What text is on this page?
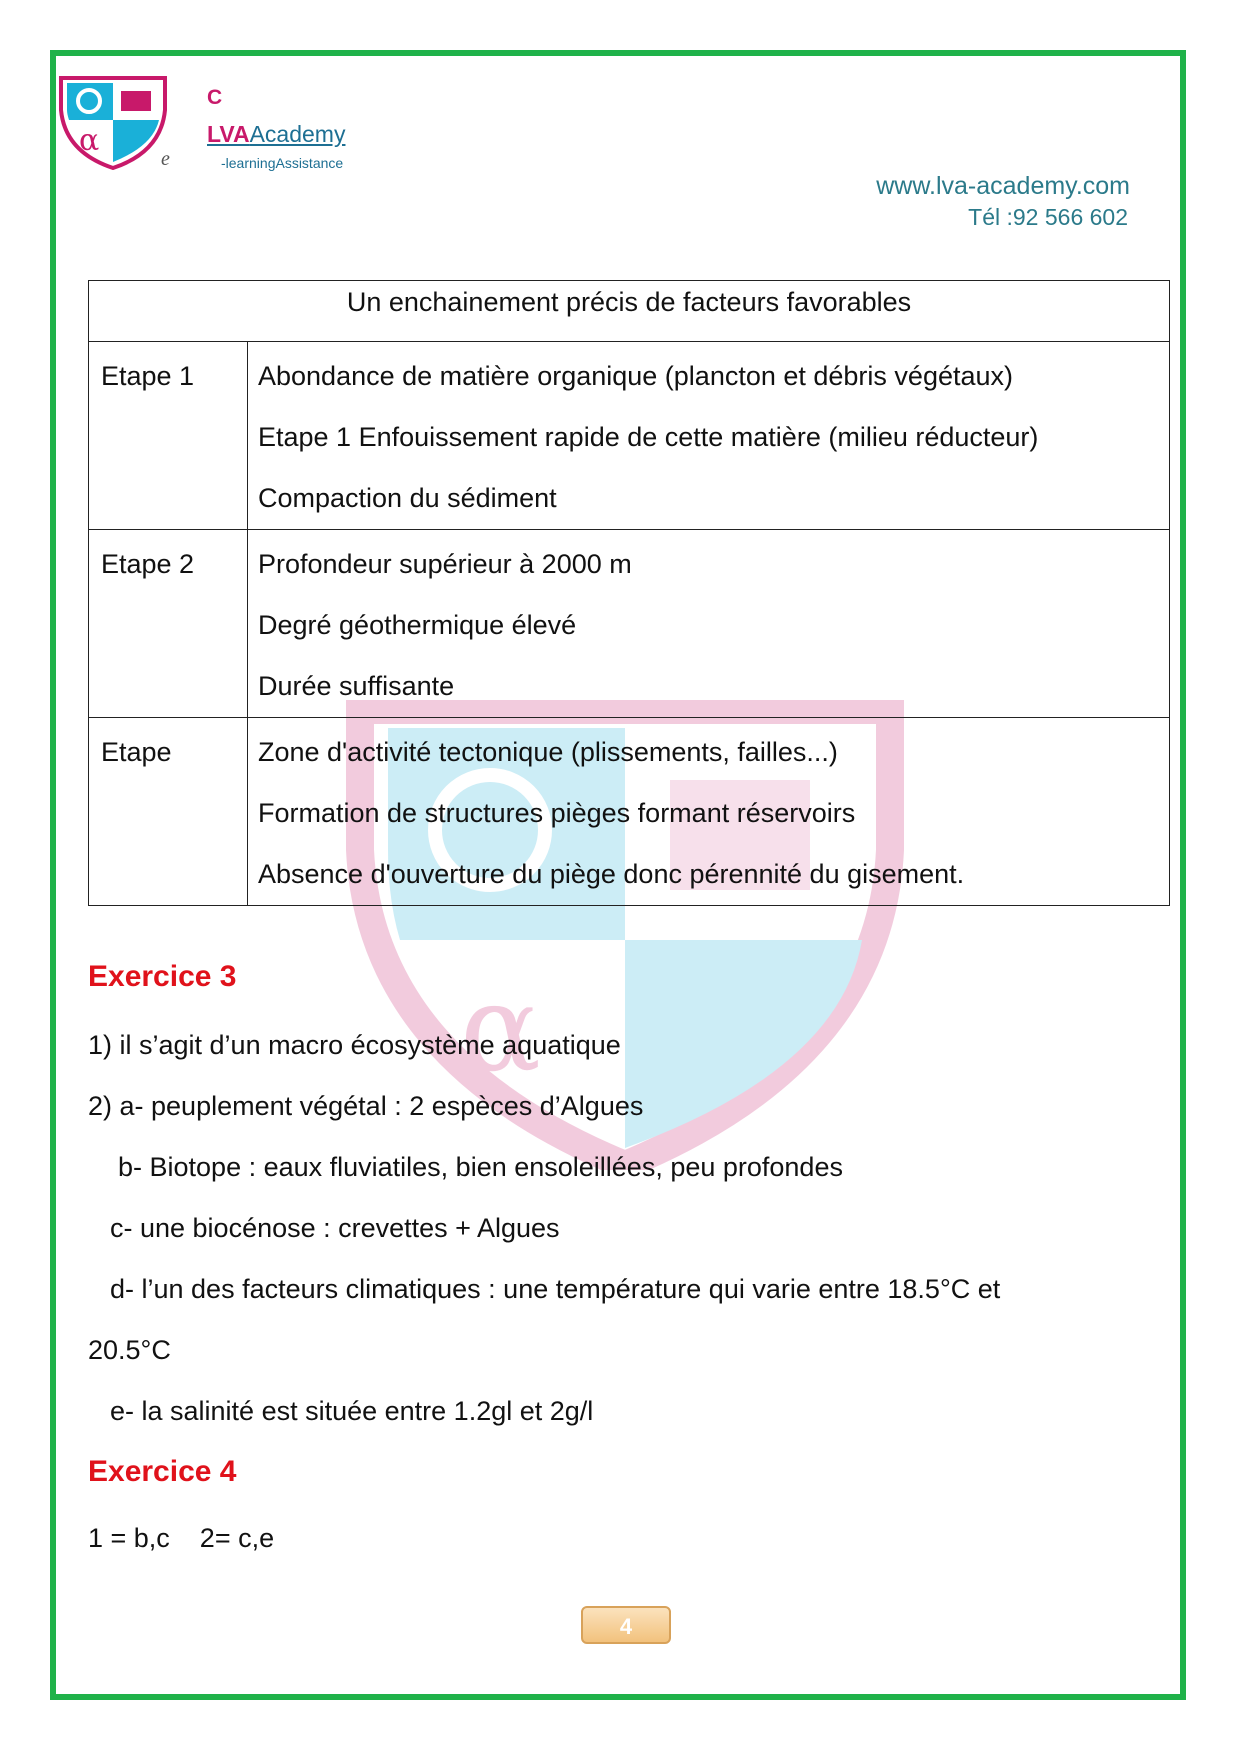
α
α
C
LVAAcademy
e	-learningAssistance
www.lva-academy.com
Tél :92 566 602
Un enchainement précis de facteurs favorables	

Etape 1	Abondance de matière organique (plancton et débris végétaux)
Etape 1 Enfouissement rapide de cette matière (milieu réducteur)
Compaction du sédiment

Etape 2	Profondeur supérieur à 2000 m
Degré géothermique élevé
Durée suffisante

Etape	Zone d'activité tectonique (plissements, failles...)
Formation de structures pièges formant réservoirs
Absence d'ouverture du piège donc pérennité du gisement.
Exercice 3
1) il s’agit d’un macro écosystème aquatique
2) a- peuplement végétal : 2 espèces d’Algues
b- Biotope : eaux fluviatiles, bien ensoleillées, peu profondes
c- une biocénose : crevettes + Algues
d- l’un des facteurs climatiques : une température qui varie entre 18.5°C et
20.5°C
e- la salinité est située entre 1.2gl et 2g/l
Exercice 4
1 = b,c    2= c,e
4
